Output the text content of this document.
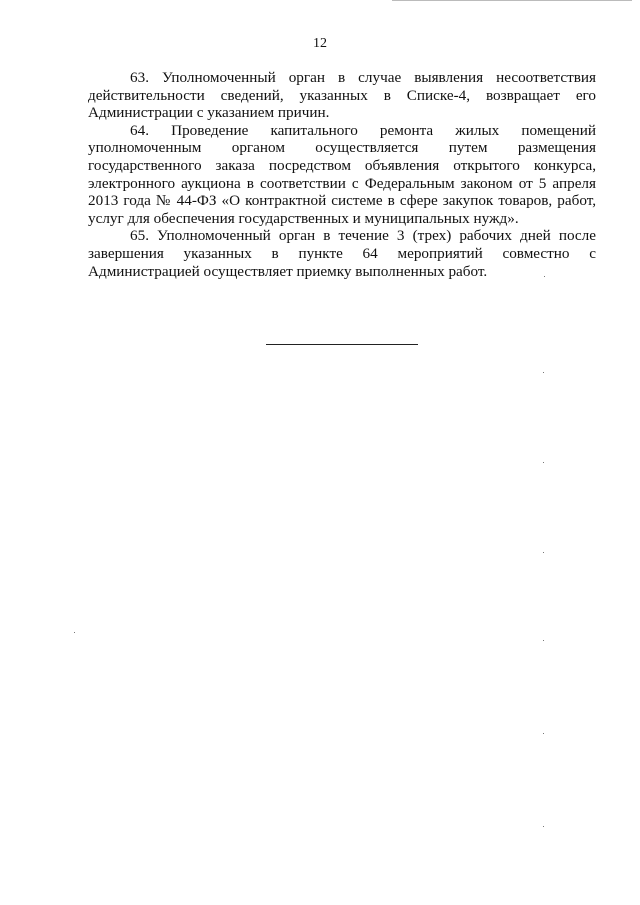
12

63. Уполномоченный орган в случае выявления несоответствия действительности сведений, указанных в Списке-4, возвращает его Администрации с указанием причин.

64. Проведение капитального ремонта жилых помещений уполномоченным органом осуществляется путем размещения государственного заказа посредством объявления открытого конкурса, электронного аукциона в соответствии с Федеральным законом от 5 апреля 2013 года № 44-ФЗ «О контрактной системе в сфере закупок товаров, работ, услуг для обеспечения государственных и муниципальных нужд».

65. Уполномоченный орган в течение 3 (трех) рабочих дней после завершения указанных в пункте 64 мероприятий совместно с Администрацией осуществляет приемку выполненных работ.
